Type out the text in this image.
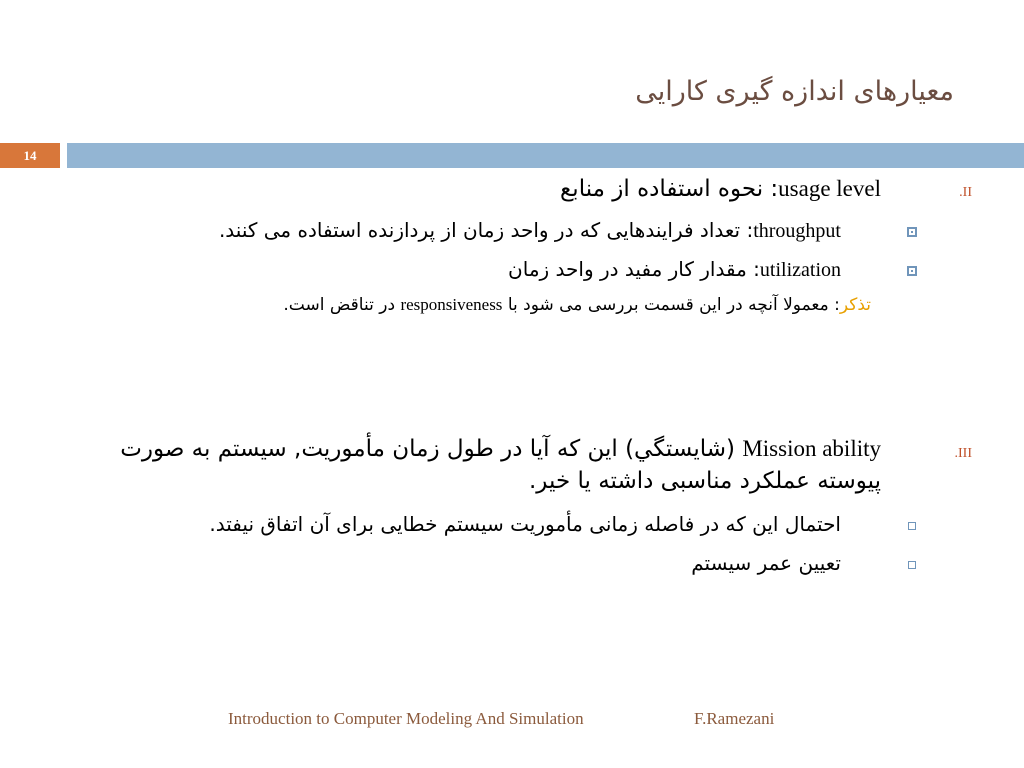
معیارهای اندازه گیری کارایی
14
.II
usage level: نحوه استفاده از منابع
throughput: تعداد فرایندهایی که در واحد زمان از پردازنده استفاده می کنند.
utilization: مقدار کار مفید در واحد زمان
تذکر: معمولا آنچه در این قسمت بررسی می شود با responsiveness در تناقض است.
.III
Mission ability (شایستگي) این که آیا در طول زمان مأموریت, سیستم به صورت
پیوسته عملکرد مناسبی داشته یا خیر.
احتمال این که در فاصله زمانی مأموریت سیستم خطایی برای آن اتفاق نیفتد.
تعیین عمر سیستم
Introduction to Computer Modeling And Simulation	F.Ramezani
